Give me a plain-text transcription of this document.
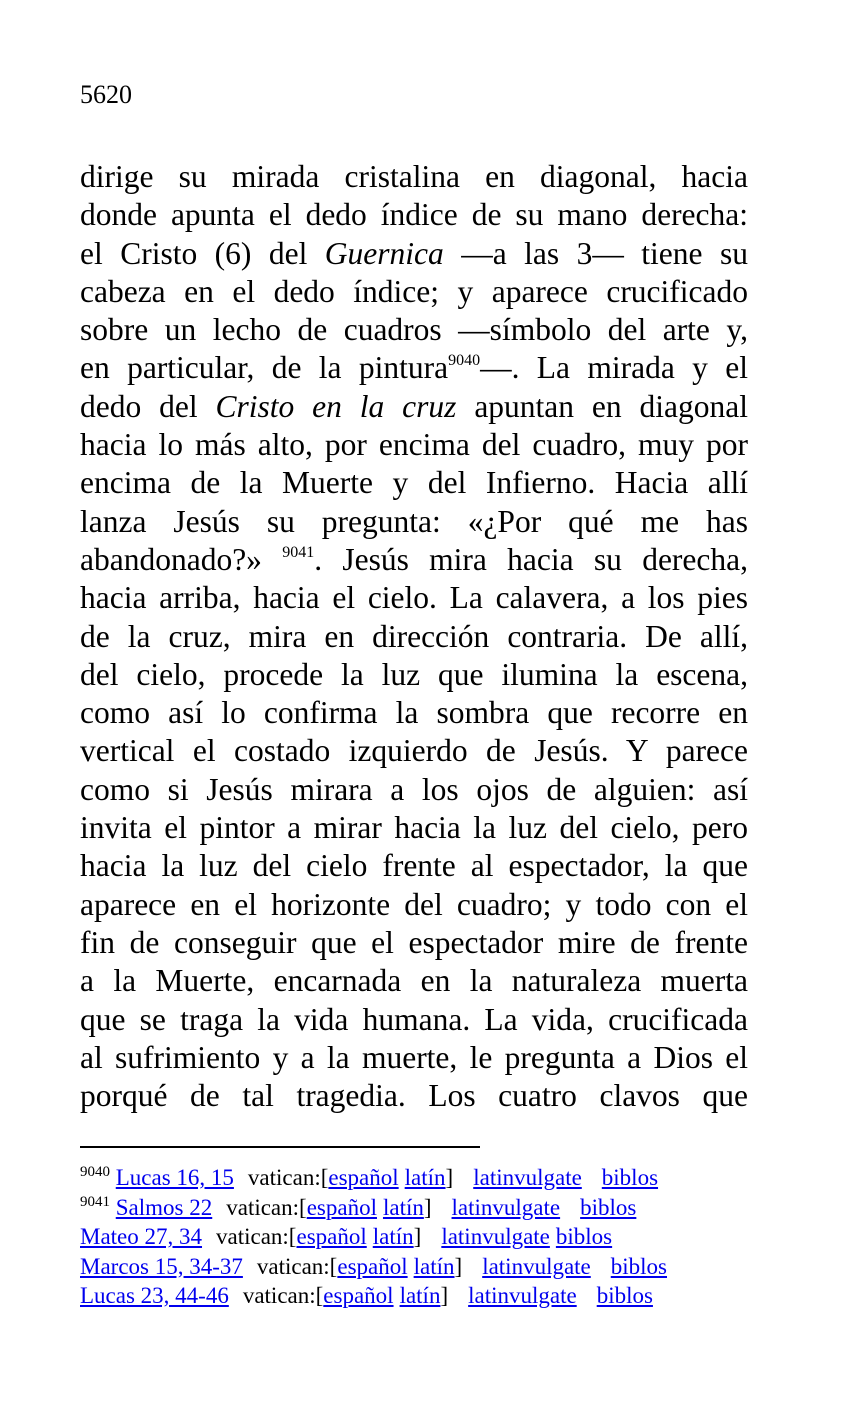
5620
dirige su mirada cristalina en diagonal, hacia
donde apunta el dedo índice de su mano derecha:
el Cristo (6) del Guernica —a las 3— tiene su
cabeza en el dedo índice; y aparece crucificado
sobre un lecho de cuadros —símbolo del arte y,
en particular, de la pintura$^{9040}$—. La mirada y el
dedo del Cristo en la cruz apuntan en diagonal
hacia lo más alto, por encima del cuadro, muy por
encima de la Muerte y del Infierno. Hacia allí
lanza Jesús su pregunta: «¿Por qué me has
abandonado?» $^{9041}$. Jesús mira hacia su derecha,
hacia arriba, hacia el cielo. La calavera, a los pies
de la cruz, mira en dirección contraria. De allí,
del cielo, procede la luz que ilumina la escena,
como así lo confirma la sombra que recorre en
vertical el costado izquierdo de Jesús. Y parece
como si Jesús mirara a los ojos de alguien: así
invita el pintor a mirar hacia la luz del cielo, pero
hacia la luz del cielo frente al espectador, la que
aparece en el horizonte del cuadro; y todo con el
fin de conseguir que el espectador mire de frente
a la Muerte, encarnada en la naturaleza muerta
que se traga la vida humana. La vida, crucificada
al sufrimiento y a la muerte, le pregunta a Dios el
porqué de tal tragedia. Los cuatro clavos que
$^{9040}$ Lucas 16, 15 vatican:[español latín] latinvulgate biblos
$^{9041}$ Salmos 22 vatican:[español latín] latinvulgate biblos
Mateo 27, 34 vatican:[español latín] latinvulgate biblos
Marcos 15, 34-37 vatican:[español latín] latinvulgate biblos
Lucas 23, 44-46 vatican:[español latín] latinvulgate biblos
